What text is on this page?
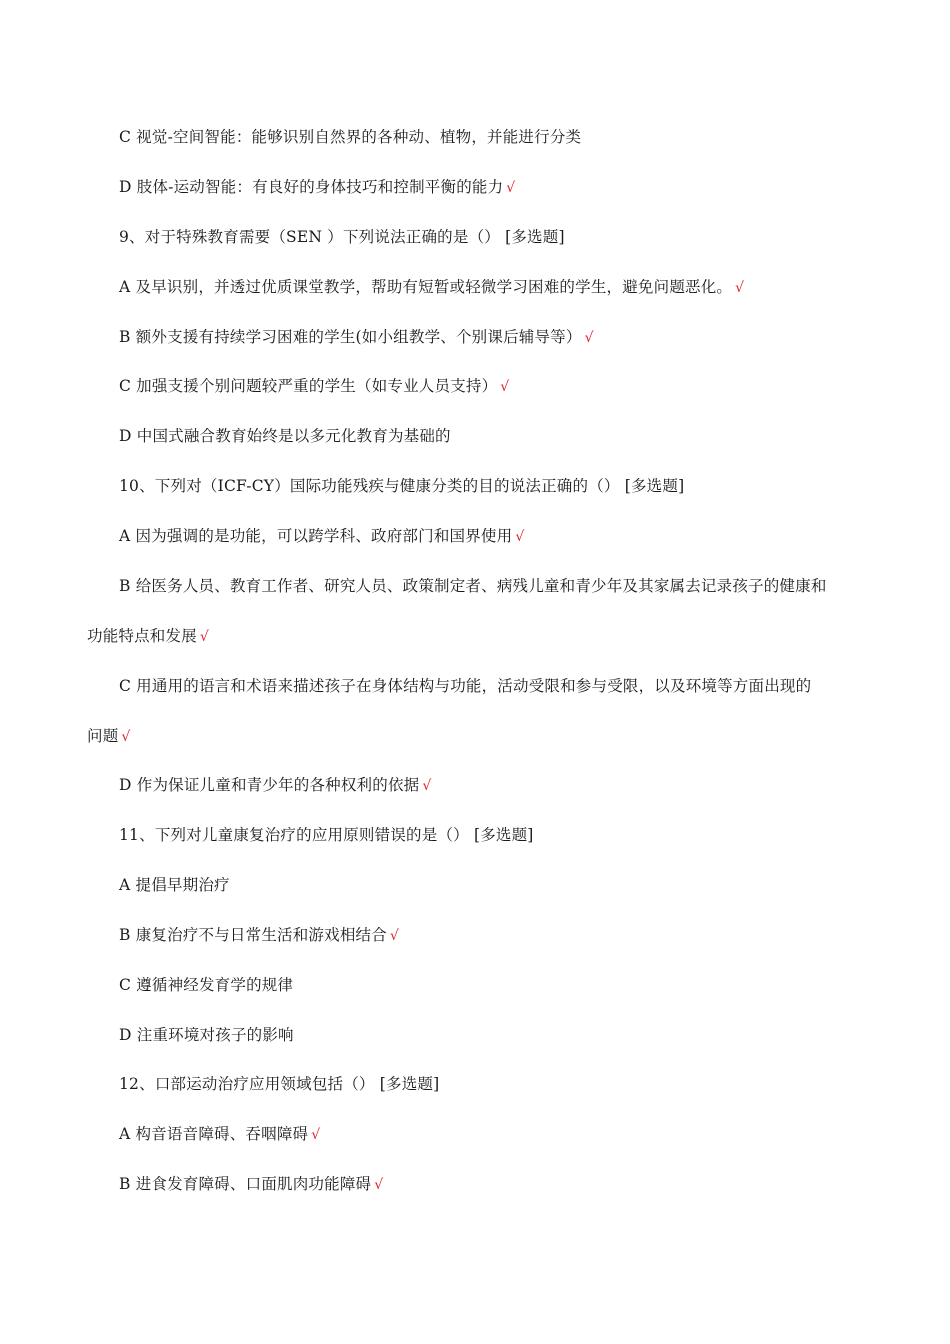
C 视觉-空间智能：能够识别自然界的各种动、植物，并能进行分类
D 肢体-运动智能：有良好的身体技巧和控制平衡的能力 √
9、对于特殊教育需要（SEN ）下列说法正确的是（） [多选题]
A 及早识别，并透过优质课堂教学，帮助有短暂或轻微学习困难的学生，避免问题恶化。 √
B 额外支援有持续学习困难的学生(如小组教学、个别课后辅导等） √
C 加强支援个别问题较严重的学生（如专业人员支持） √
D 中国式融合教育始终是以多元化教育为基础的
10、下列对（ICF-CY）国际功能残疾与健康分类的目的说法正确的（） [多选题]
A 因为强调的是功能，可以跨学科、政府部门和国界使用 √
B 给医务人员、教育工作者、研究人员、政策制定者、病残儿童和青少年及其家属去记录孩子的健康和
功能特点和发展 √
C 用通用的语言和术语来描述孩子在身体结构与功能，活动受限和参与受限，以及环境等方面出现的
问题 √
D 作为保证儿童和青少年的各种权利的依据 √
11、下列对儿童康复治疗的应用原则错误的是（） [多选题]
A 提倡早期治疗
B 康复治疗不与日常生活和游戏相结合 √
C 遵循神经发育学的规律
D 注重环境对孩子的影响
12、口部运动治疗应用领域包括（） [多选题]
A 构音语音障碍、吞咽障碍 √
B 进食发育障碍、口面肌肉功能障碍 √
